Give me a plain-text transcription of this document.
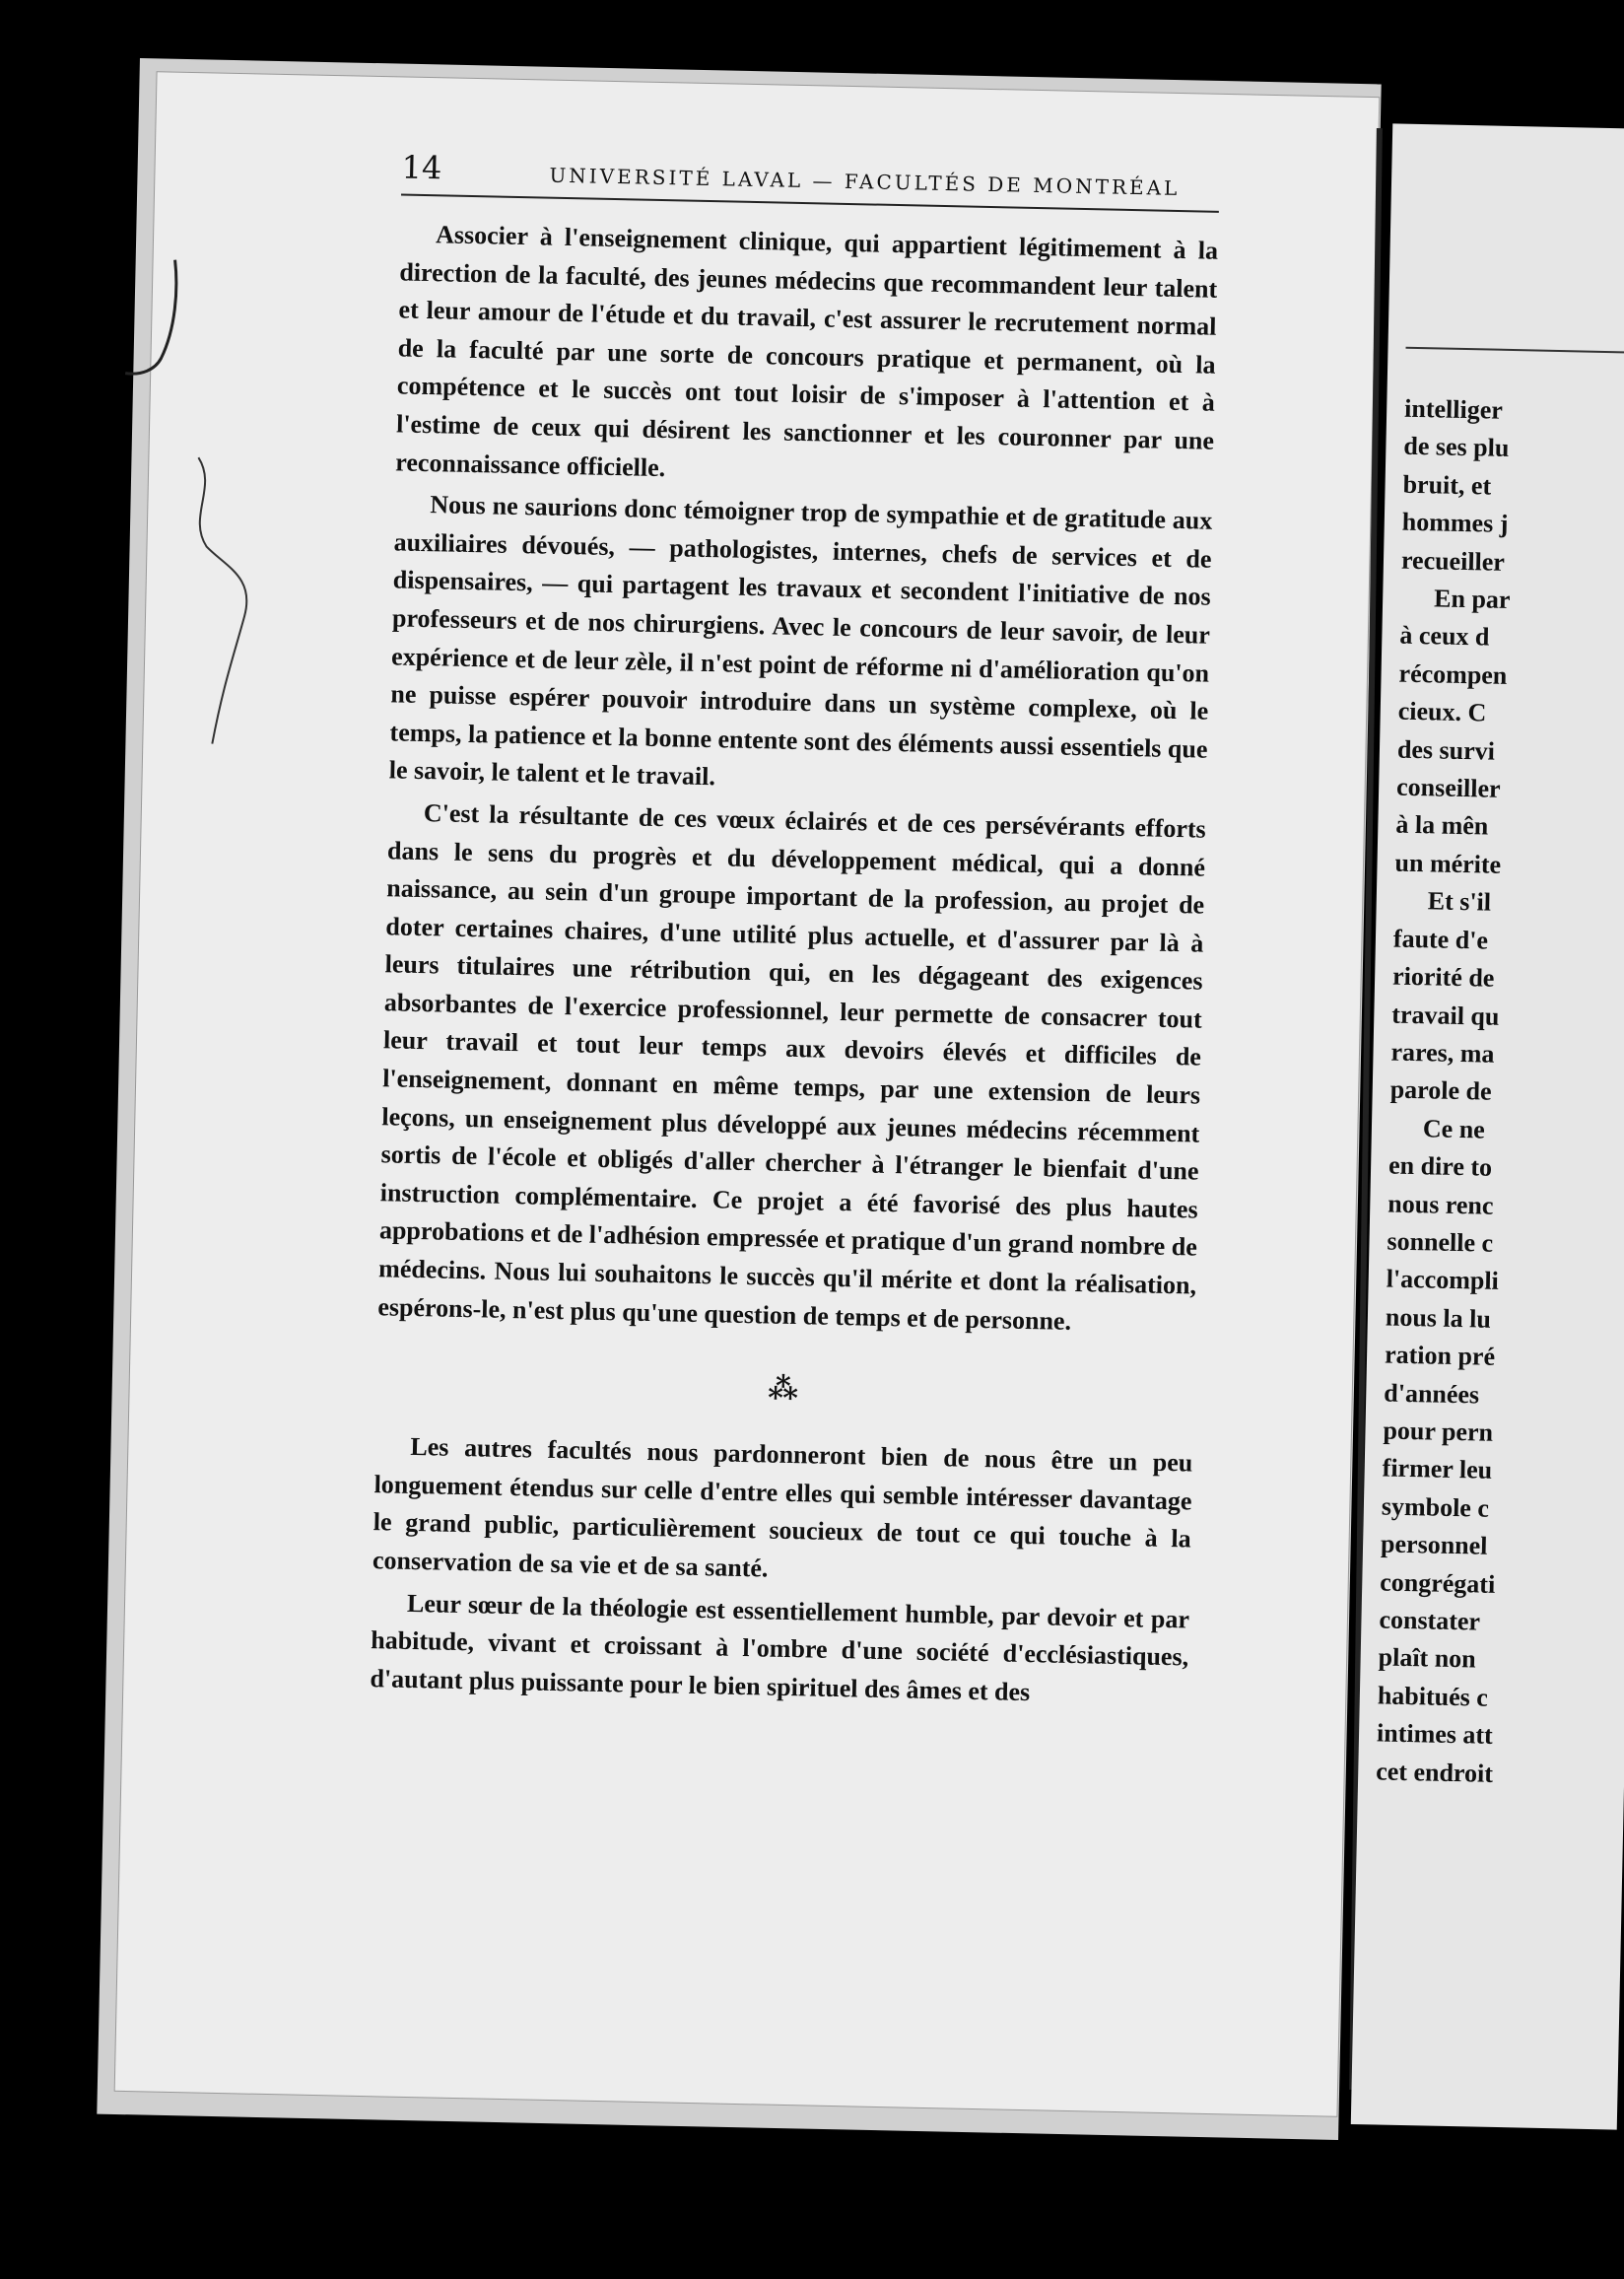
14	UNIVERSITÉ LAVAL — FACULTÉS DE MONTRÉAL

Associer à l'enseignement clinique, qui appartient légitimement à la direction de la faculté, des jeunes médecins que recommandent leur talent et leur amour de l'étude et du travail, c'est assurer le recrutement normal de la faculté par une sorte de concours pratique et permanent, où la compétence et le succès ont tout loisir de s'imposer à l'attention et à l'estime de ceux qui désirent les sanctionner et les couronner par une reconnaissance officielle.

Nous ne saurions donc témoigner trop de sympathie et de gratitude aux auxiliaires dévoués, — pathologistes, internes, chefs de services et de dispensaires, — qui partagent les travaux et secondent l'initiative de nos professeurs et de nos chirurgiens. Avec le concours de leur savoir, de leur expérience et de leur zèle, il n'est point de réforme ni d'amélioration qu'on ne puisse espérer pouvoir introduire dans un système complexe, où le temps, la patience et la bonne entente sont des éléments aussi essentiels que le savoir, le talent et le travail.

C'est la résultante de ces vœux éclairés et de ces persévérants efforts dans le sens du progrès et du développement médical, qui a donné naissance, au sein d'un groupe important de la profession, au projet de doter certaines chaires, d'une utilité plus actuelle, et d'assurer par là à leurs titulaires une rétribution qui, en les dégageant des exigences absorbantes de l'exercice professionnel, leur permette de consacrer tout leur travail et tout leur temps aux devoirs élevés et difficiles de l'enseignement, donnant en même temps, par une extension de leurs leçons, un enseignement plus développé aux jeunes médecins récemment sortis de l'école et obligés d'aller chercher à l'étranger le bienfait d'une instruction complémentaire. Ce projet a été favorisé des plus hautes approbations et de l'adhésion empressée et pratique d'un grand nombre de médecins. Nous lui souhaitons le succès qu'il mérite et dont la réalisation, espérons-le, n'est plus qu'une question de temps et de personne.

⁂

Les autres facultés nous pardonneront bien de nous être un peu longuement étendus sur celle d'entre elles qui semble intéresser davantage le grand public, particulièrement soucieux de tout ce qui touche à la conservation de sa vie et de sa santé.

Leur sœur de la théologie est essentiellement humble, par devoir et par habitude, vivant et croissant à l'ombre d'une société d'ecclésiastiques, d'autant plus puissante pour le bien spirituel des âmes et des

intelliger
de ses plu
bruit, et
hommes j
recueiller
En par
à ceux d
récompen
cieux. C
des survi
conseiller
à la mên
un mérite
Et s'il
faute d'e
riorité de
travail qu
rares, ma
parole de
Ce ne
en dire to
nous renc
sonnelle c
l'accompli
nous la lu
ration pré
d'années
pour pern
firmer leu
symbole c
personnel
congrégati
constater
plaît non
habitués c
intimes att
cet endroit
